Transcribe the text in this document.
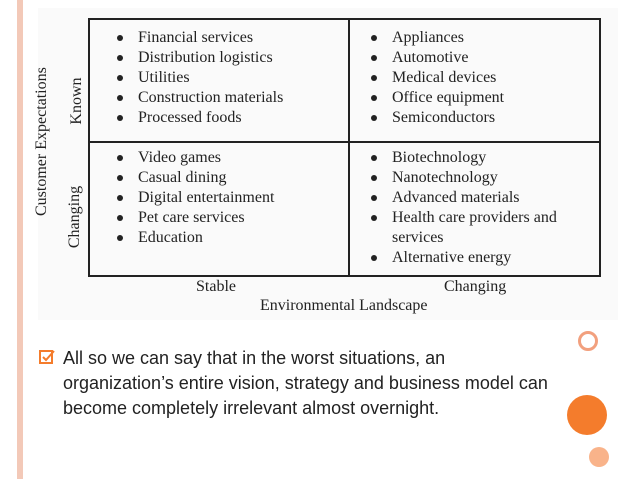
Financial services
Distribution logistics
Utilities
Construction materials
Processed foods
Appliances
Automotive
Medical devices
Office equipment
Semiconductors
Video games
Casual dining
Digital entertainment
Pet care services
Education
Biotechnology
Nanotechnology
Advanced materials
Health care providers and services
Alternative energy
Customer Expectations Known
Changing
Stable	Changing
Environmental Landscape
All so we can say that in the worst situations, an organization’s entire vision, strategy and business model can become completely irrelevant almost overnight.
